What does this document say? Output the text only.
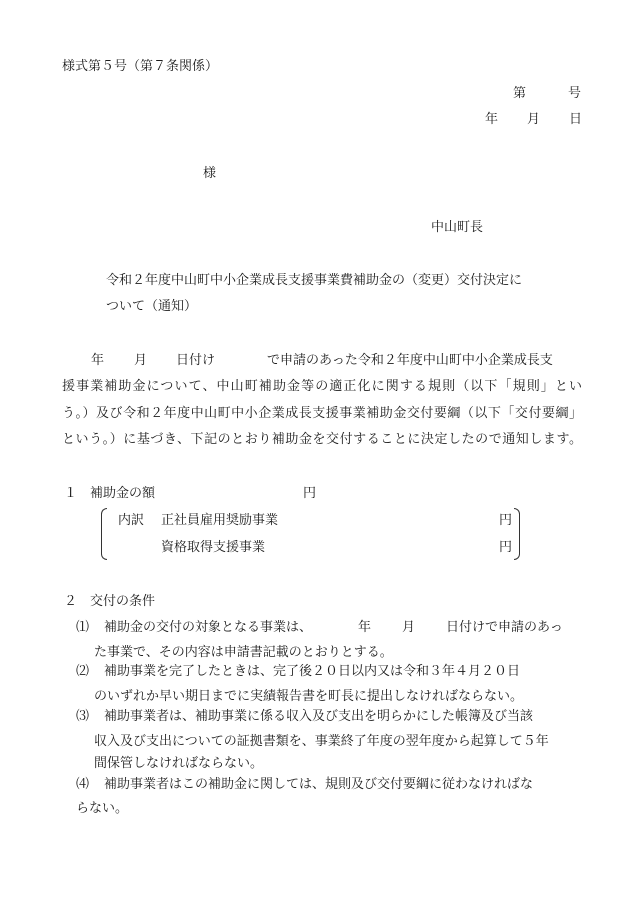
様式第５号（第７条関係）
第	号
年 月 日
様
中山町長
令和２年度中山町中小企業成長支援事業費補助金の（変更）交付決定に
ついて（通知）
年 月 日付け	で申請のあった令和２年度中山町中小企業成長支
援事業補助金について、中山町補助金等の適正化に関する規則（以下「規則」とい
う。）及び令和２年度中山町中小企業成長支援事業補助金交付要綱（以下「交付要綱」
という。）に基づき、下記のとおり補助金を交付することに決定したので通知します。
１　補助金の額	円
内訳 正社員雇用奨励事業	円
資格取得支援事業	円
２　交付の条件
⑴ 補助金の交付の対象となる事業は、	年 月 日付けで申請のあっ
た事業で、その内容は申請書記載のとおりとする。
⑵ 補助事業を完了したときは、完了後２０日以内又は令和３年４月２０日
のいずれか早い期日までに実績報告書を町長に提出しなければならない。
⑶ 補助事業者は、補助事業に係る収入及び支出を明らかにした帳簿及び当該
収入及び支出についての証拠書類を、事業終了年度の翌年度から起算して５年
間保管しなければならない。
⑷ 補助事業者はこの補助金に関しては、規則及び交付要綱に従わなければな
らない。
